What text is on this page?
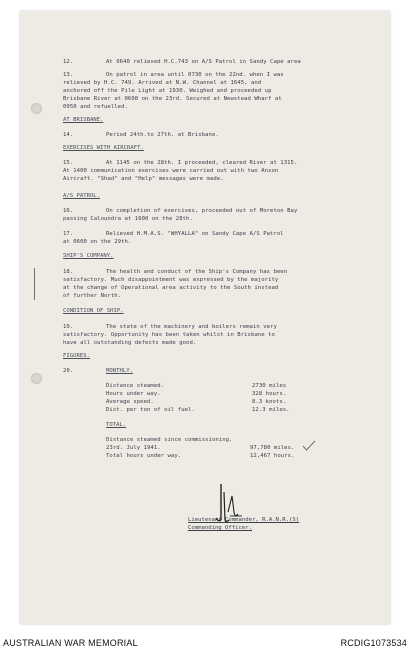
12.	At 0640 relieved H.C.743 on A/S Patrol in Sandy Cape area
13.	On patrol in area until 0730 on the 22nd. when I was
relieved by H.C. 749. Arrived at N.W. Channel at 1645, and
anchored off the Pile Light at 1930. Weighed and proceeded up
Brisbane River at 0600 on the 23rd. Secured at Newstead Wharf at
0950 and refuelled.
AT BRISBANE.
14.	Period 24th.to 27th. at Brisbane.
EXERCISES WITH AIRCRAFT.
15.	At 1145 on the 28th. I proceeded, cleared River at 1315.
At 1400 communication exercises were carried out with two Anson
Aircraft. "Shad" and "Help" messages were made.
A/S PATROL.
16.	On completion of exercises, proceeded out of Moreton Bay
passing Caloundra at 1600 on the 28th.
17.	Relieved H.M.A.S. "WHYALLA" on Sandy Cape A/S Patrol
at 0600 on the 29th.
SHIP'S COMPANY.
18.	The health and conduct of the Ship's Company has been
satisfactory. Much disappointment was expressed by the majority
at the change of Operational area activity to the South instead
of further North.
CONDITION OF SHIP.
19.	The state of the machinery and boilers remain very
satisfactory. Opportunity has been taken whilst in Brisbane to
have all outstanding defects made good.
FIGURES.
20.	MONTHLY.
Distance steamed.	2730 miles
Hours under way.	328 hours.
Average speed.	8.3 knots.
Dist. per ton of oil fuel.	12.3 miles.
TOTAL.
Distance steamed since commissioning.
23rd. July 1941.	97,780 miles.
Total hours under way.	12,467 hours.
Lieutenant Commander, R.A.N.R.(S)
Commanding Officer.
AUSTRALIAN WAR MEMORIAL	RCDIG1073534
